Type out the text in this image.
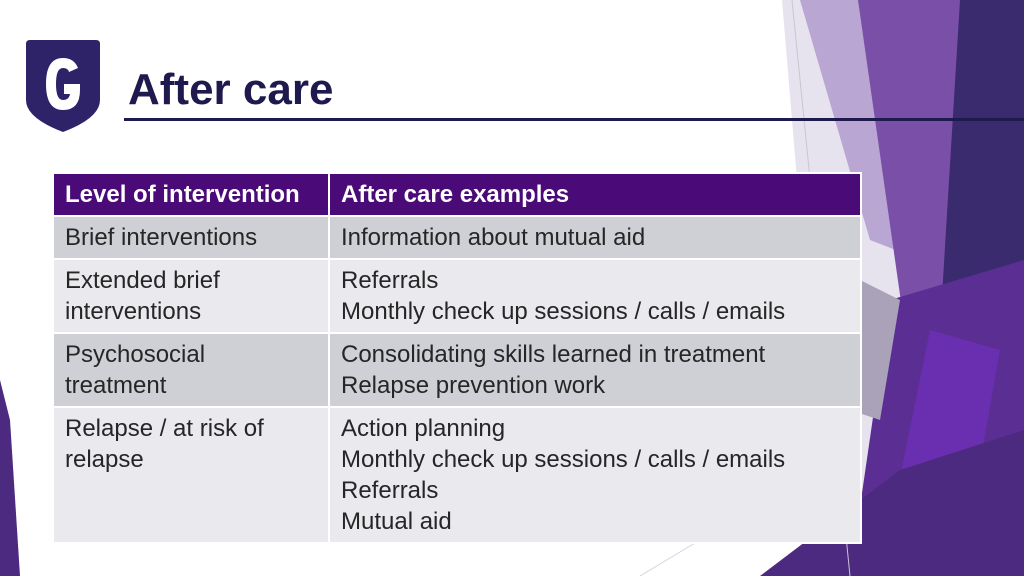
After care
Level of intervention	After care examples

Brief interventions	Information about mutual aid

Extended brief
interventions	Referrals
Monthly check up sessions / calls / emails

Psychosocial
treatment	Consolidating skills learned in treatment
Relapse prevention work

Relapse / at risk of
relapse	Action planning
Monthly check up sessions / calls / emails
Referrals
Mutual aid
